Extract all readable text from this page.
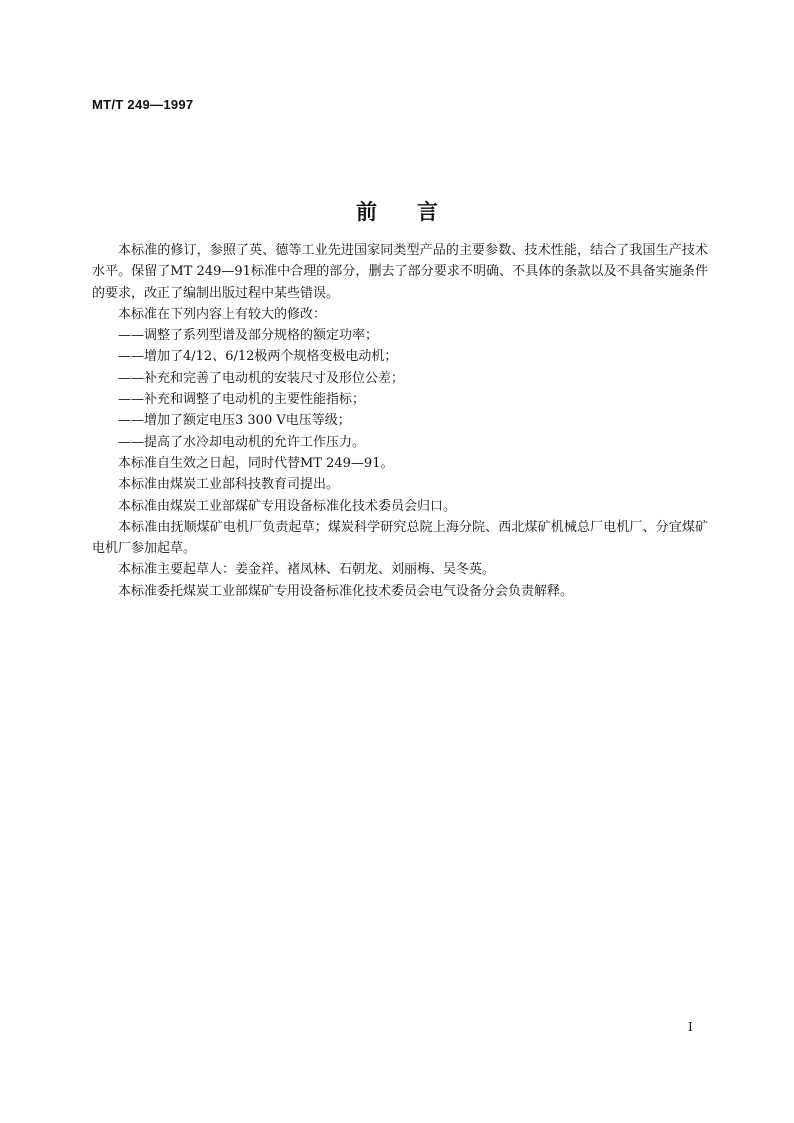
MT/T 249—1997
前言

本标准的修订，参照了英、德等工业先进国家同类型产品的主要参数、技术性能，结合了我国生产技术水平。保留了MT 249—91标准中合理的部分，删去了部分要求不明确、不具体的条款以及不具备实施条件的要求，改正了编制出版过程中某些错误。

本标准在下列内容上有较大的修改：

——调整了系列型谱及部分规格的额定功率；

——增加了4/12、6/12极两个规格变极电动机；

——补充和完善了电动机的安装尺寸及形位公差；

——补充和调整了电动机的主要性能指标；

——增加了额定电压3 300 V电压等级；

——提高了水冷却电动机的允许工作压力。

本标准自生效之日起，同时代替MT 249—91。

本标准由煤炭工业部科技教育司提出。

本标准由煤炭工业部煤矿专用设备标准化技术委员会归口。

本标准由抚顺煤矿电机厂负责起草；煤炭科学研究总院上海分院、西北煤矿机械总厂电机厂、分宜煤矿电机厂参加起草。

本标准主要起草人：姜金祥、褚凤林、石朝龙、刘丽梅、吴冬英。

本标准委托煤炭工业部煤矿专用设备标准化技术委员会电气设备分会负责解释。

I
